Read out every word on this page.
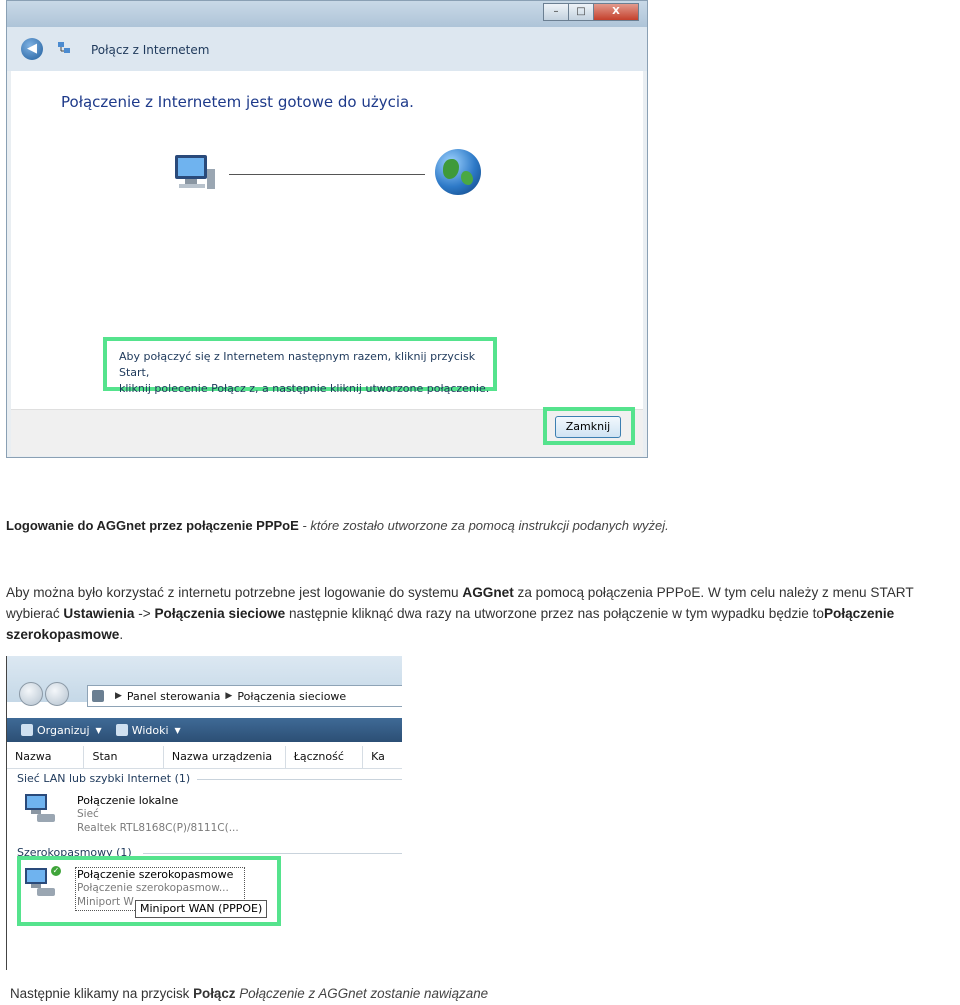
–	□	X
◀	Połącz z Internetem
Połączenie z Internetem jest gotowe do użycia.
Aby połączyć się z Internetem następnym razem, kliknij przycisk Start,
kliknij polecenie Połącz z, a następnie kliknij utworzone połączenie.
Zamknij
Logowanie do AGGnet przez połączenie PPPoE - które zostało utworzone za pomocą instrukcji podanych wyżej.
Aby można było korzystać z internetu potrzebne jest logowanie do systemu AGGnet za pomocą połączenia PPPoE. W tym celu należy z menu START
wybierać Ustawienia -> Połączenia sieciowe następnie kliknąć dwa razy na utworzone przez nas połączenie w tym wypadku będzie toPołączenie
szerokopasmowe.
▶ Panel sterowania ▶ Połączenia sieciowe
Organizuj ▼	Widoki ▼
Nazwa	Stan	Nazwa urządzenia	Łączność	Ka
Sieć LAN lub szybki Internet (1)
Połączenie lokalne
Sieć
Realtek RTL8168C(P)/8111C(...
Szerokopasmowy (1)
✓ Połączenie szerokopasmowe
Połączenie szerokopasmow...
Miniport W Miniport WAN (PPPOE)
Następnie klikamy na przycisk Połącz Połączenie z AGGnet zostanie nawiązane
